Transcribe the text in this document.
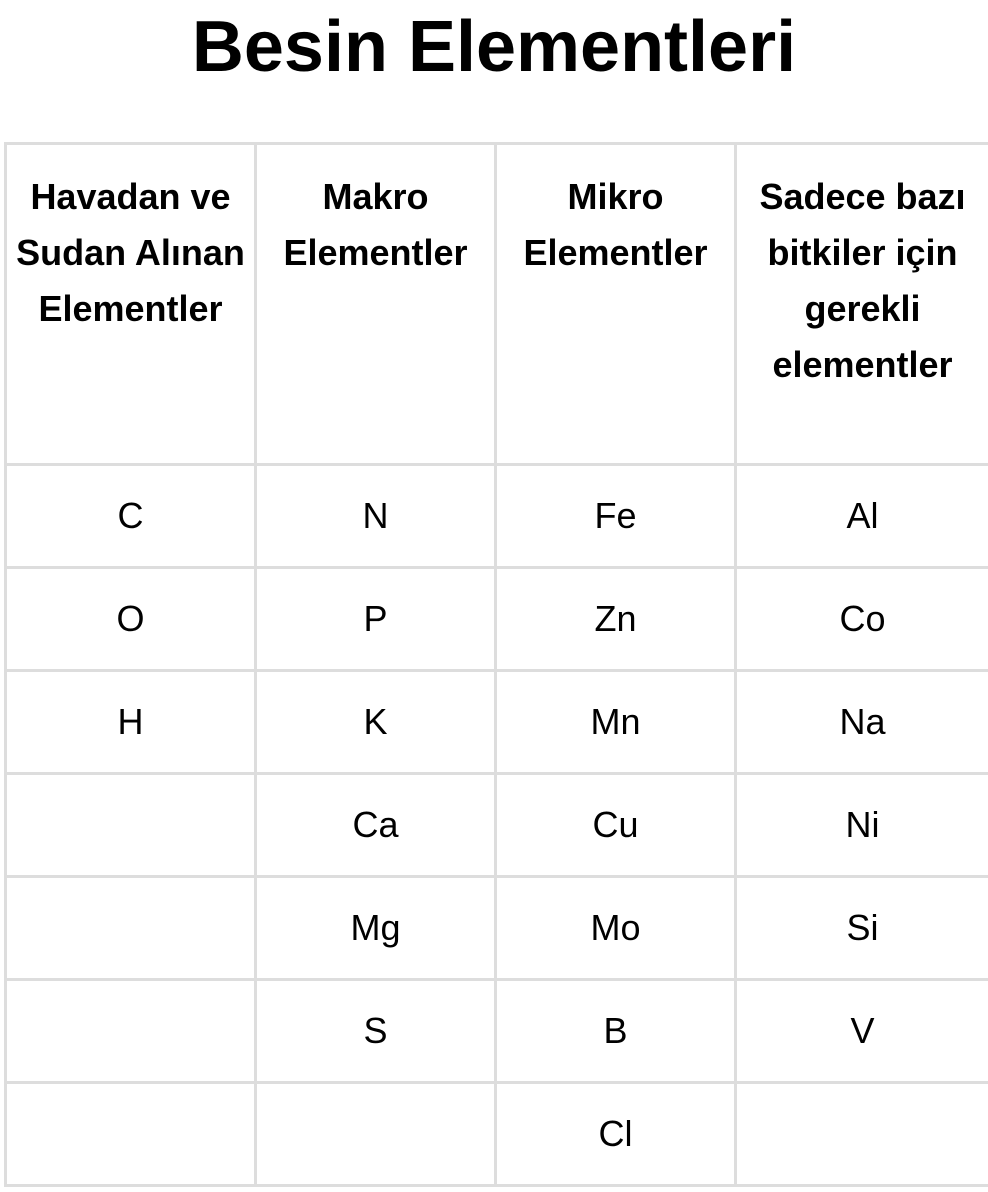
Besin Elementleri
Havadan ve Sudan Alınan Elementler	Makro Elementler	Mikro Elementler	Sadece bazı bitkiler için gerekli elementler
C	N	Fe	Al
O	P	Zn	Co
H	K	Mn	Na
	Ca	Cu	Ni
	Mg	Mo	Si
	S	B	V
		Cl	
